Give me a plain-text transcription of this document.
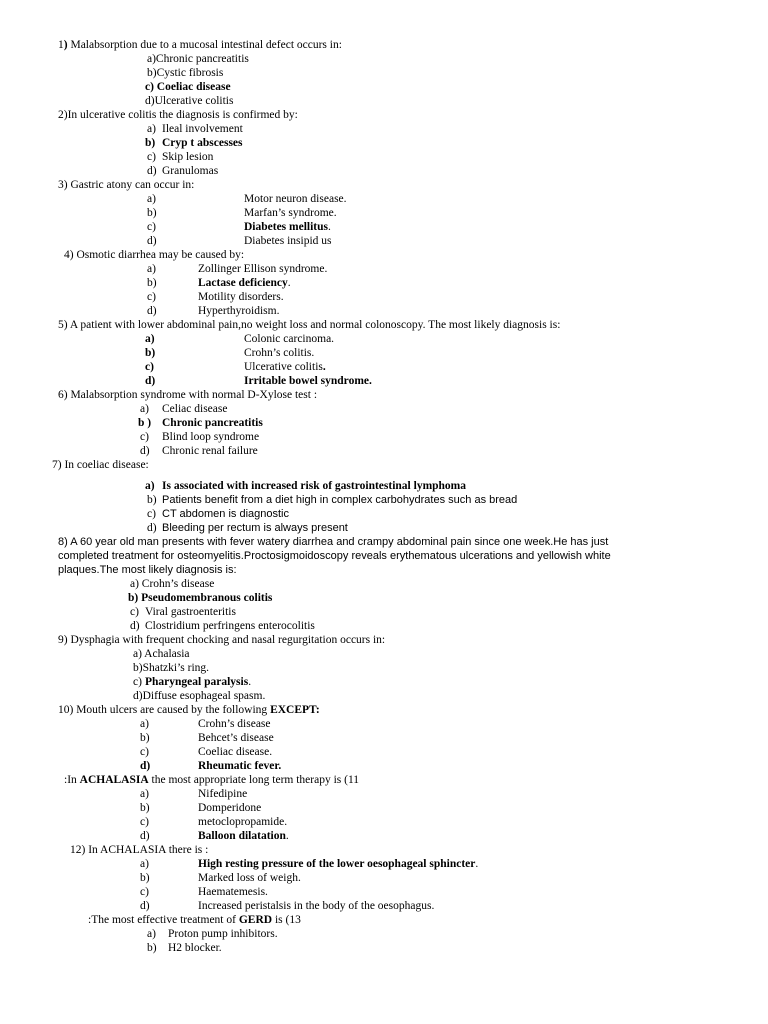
1) Malabsorption due to a mucosal intestinal defect occurs in:
a)Chronic pancreatitis
b)Cystic fibrosis
c) Coeliac disease
d)Ulcerative colitis
2)In ulcerative colitis the diagnosis is confirmed by:
a) Ileal involvement
b) Cryp t abscesses
c) Skip lesion
d) Granulomas
3) Gastric atony can occur in:
a)	Motor neuron disease.
b)	Marfan’s syndrome.
c)	Diabetes mellitus.
d)	Diabetes insipid us
4) Osmotic diarrhea may be caused by:
a)	Zollinger Ellison syndrome.
b)	Lactase deficiency.
c)	Motility disorders.
d)	Hyperthyroidism.
5) A patient with lower abdominal pain,no weight loss and normal colonoscopy. The most likely diagnosis is:
a)	Colonic carcinoma.
b)	Crohn’s colitis.
c)	Ulcerative colitis.
d)	Irritable bowel syndrome.
6) Malabsorption syndrome with normal D-Xylose test :
a) Celiac disease
b ) Chronic pancreatitis
c) Blind loop syndrome
d) Chronic renal failure
7) In coeliac disease:
a) Is associated with increased risk of gastrointestinal lymphoma
b) Patients benefit from a diet high in complex carbohydrates such as bread
c) CT abdomen is diagnostic
d) Bleeding per rectum is always present
8) A 60 year old man presents with fever watery diarrhea and crampy abdominal pain since one week.He has just
completed treatment for osteomyelitis.Proctosigmoidoscopy reveals erythematous ulcerations and yellowish white
plaques.The most likely diagnosis is:
a) Crohn’s disease
b) Pseudomembranous colitis
c) Viral gastroenteritis
d) Clostridium perfringens enterocolitis
9) Dysphagia with frequent chocking and nasal regurgitation occurs in:
a) Achalasia
b)Shatzki’s ring.
c) Pharyngeal paralysis.
d)Diffuse esophageal spasm.
10) Mouth ulcers are caused by the following EXCEPT:
a)	Crohn’s disease
b)	Behcet’s disease
c)	Coeliac disease.
d)	Rheumatic fever.
:In ACHALASIA the most appropriate long term therapy is (11
a)	Nifedipine
b)	Domperidone
c)	metoclopropamide.
d)	Balloon dilatation.
12) In ACHALASIA there is :
a)	High resting pressure of the lower oesophageal sphincter.
b)	Marked loss of weigh.
c)	Haematemesis.
d)	Increased peristalsis in the body of the oesophagus.
:The most effective treatment of GERD is (13
a) Proton pump inhibitors.
b) H2 blocker.
